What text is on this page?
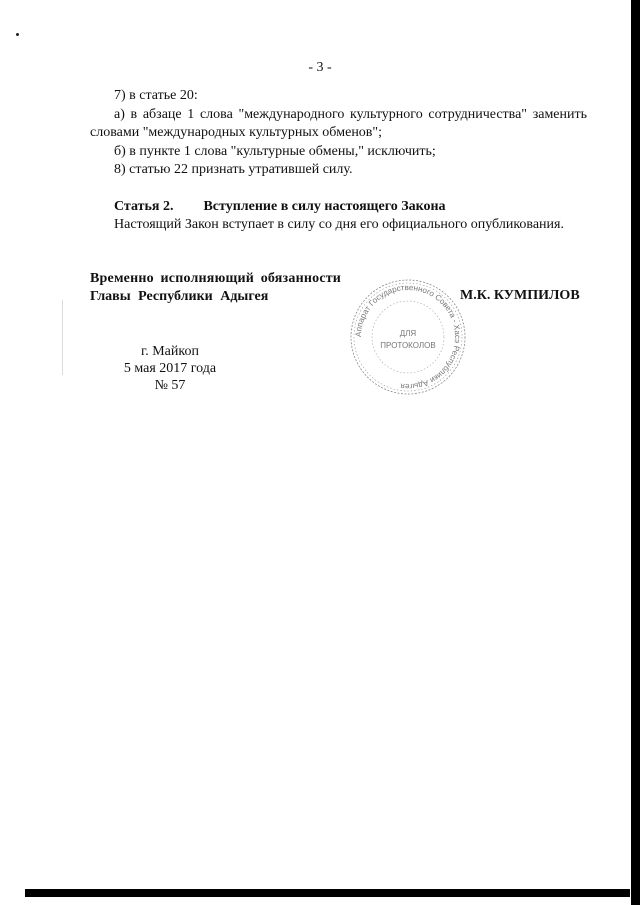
- 3 -

7) в статье 20:

а) в абзаце 1 слова "международного культурного сотрудничества" заменить словами "международных культурных обменов";

б) в пункте 1 слова "культурные обмены," исключить;

8) статью 22 признать утратившей силу.

Статья 2. Вступление в силу настоящего Закона

Настоящий Закон вступает в силу со дня его официального опубликования.

Временно исполняющий обязанности
Главы Республики Адыгея
Аппарат Государственного Совета - Хасэ Республики Адыгея
ДЛЯ
ПРОТОКОЛОВ
М.К. КУМПИЛОВ
г. Майкоп
5 мая 2017 года
№ 57
